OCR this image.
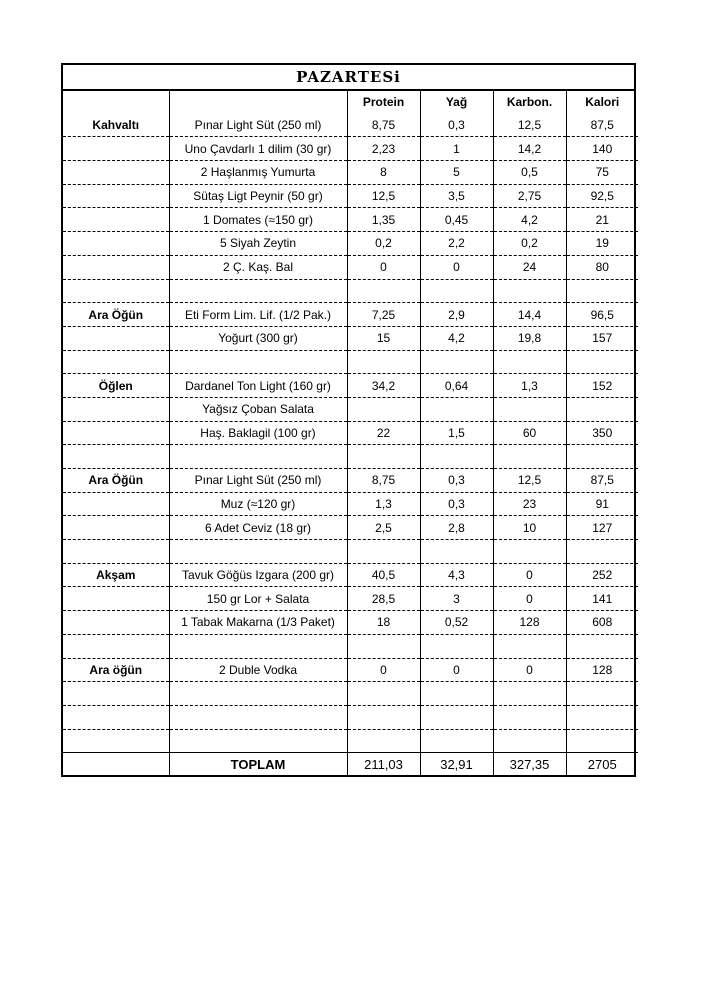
PAZARTESi
		Protein	Yağ	Karbon.	Kalori
Kahvaltı	Pınar Light Süt (250 ml)	8,75	0,3	12,5	87,5
	Uno Çavdarlı 1 dilim (30 gr)	2,23	1	14,2	140
	2 Haşlanmış Yumurta	8	5	0,5	75
	Sütaş Ligt Peynir (50 gr)	12,5	3,5	2,75	92,5
	1 Domates (≈150 gr)	1,35	0,45	4,2	21
	5 Siyah Zeytin	0,2	2,2	0,2	19
	2 Ç. Kaş. Bal	0	0	24	80

Ara Öğün	Eti Form Lim. Lif. (1/2 Pak.)	7,25	2,9	14,4	96,5
	Yoğurt (300 gr)	15	4,2	19,8	157

Öğlen	Dardanel Ton Light (160 gr)	34,2	0,64	1,3	152
	Yağsız Çoban Salata				
	Haş. Baklagil (100 gr)	22	1,5	60	350

Ara Öğün	Pınar Light Süt (250 ml)	8,75	0,3	12,5	87,5
	Muz (≈120 gr)	1,3	0,3	23	91
	6 Adet Ceviz (18 gr)	2,5	2,8	10	127

Akşam	Tavuk Göğüs Izgara (200 gr)	40,5	4,3	0	252
	150 gr Lor + Salata	28,5	3	0	141
	1 Tabak Makarna (1/3 Paket)	18	0,52	128	608

Ara öğün	2 Duble Vodka	0	0	0	128

	TOPLAM	211,03	32,91	327,35	2705
